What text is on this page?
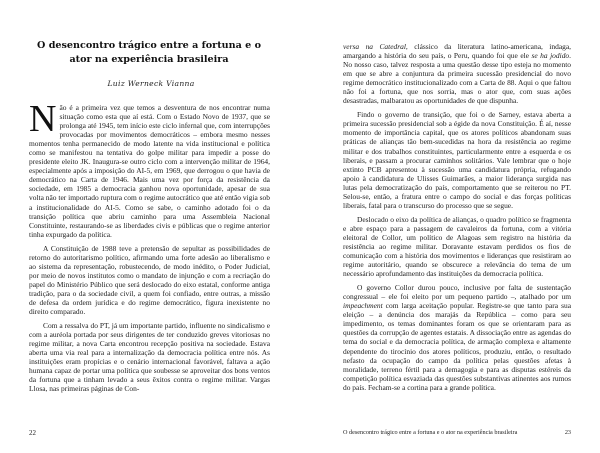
O desencontro trágico entre a fortuna e o ator na experiência brasileira
Luiz Werneck Vianna

Não é a primeira vez que temos a desventura de nos encontrar numa situação como esta que aí está. Com o Estado Novo de 1937, que se prolonga até 1945, tem início este ciclo infernal que, com interrupções provocadas por movimentos democráticos – embora mesmo nesses momentos tenha permanecido de modo latente na vida institucional e política como se manifestou na tentativa do golpe militar para impedir a posse do presidente eleito JK. Inaugura-se outro ciclo com a intervenção militar de 1964, especialmente após a imposição do AI-5, em 1969, que derrogou o que havia de democrático na Carta de 1946. Mais uma vez por força da resistência da sociedade, em 1985 a democracia ganhou nova oportunidade, apesar de sua volta não ter importado ruptura com o regime autocrático que até então vigia sob a institucionalidade do AI-5. Como se sabe, o caminho adotado foi o da transição política que abriu caminho para uma Assembleia Nacional Constituinte, restaurando-se as liberdades civis e públicas que o regime anterior tinha expurgado da política.

A Constituição de 1988 teve a pretensão de sepultar as possibilidades de retorno do autoritarismo político, afirmando uma forte adesão ao liberalismo e ao sistema da representação, robustecendo, de modo inédito, o Poder Judicial, por meio de novos institutos como o mandato de injunção e com a recriação do papel do Ministério Público que será deslocado do eixo estatal, conforme antiga tradição, para o da sociedade civil, a quem foi confiado, entre outras, a missão de defesa da ordem jurídica e do regime democrático, figura inexistente no direito comparado.

Com a ressalva do PT, já um importante partido, influente no sindicalismo e com a auréola portada por seus dirigentes de ter conduzido greves vitoriosas no regime militar, a nova Carta encontrou recepção positiva na sociedade. Estava aberta uma via real para a internalização da democracia política entre nós. As instituições eram propícias e o cenário internacional favorável, faltava a ação humana capaz de portar uma política que soubesse se aproveitar dos bons ventos da fortuna que a tinham levado a seus êxitos contra o regime militar. Vargas Llosa, nas primeiras páginas de Con-

22

versa na Catedral, clássico da literatura latino-americana, indaga, amargando a história do seu país, o Peru, quando foi que ele se ha jodido. No nosso caso, talvez resposta a uma questão desse tipo esteja no momento em que se abre a conjuntura da primeira sucessão presidencial do novo regime democrático institucionalizado com a Carta de 88. Aqui o que faltou não foi a fortuna, que nos sorria, mas o ator que, com suas ações desastradas, malbaratou as oportunidades de que dispunha.

Findo o governo de transição, que foi o de Sarney, estava aberta a primeira sucessão presidencial sob a égide da nova Constituição. É aí, nesse momento de importância capital, que os atores políticos abandonam suas práticas de alianças tão bem-sucedidas na hora da resistência ao regime militar e dos trabalhos constituintes, particularmente entre a esquerda e os liberais, e passam a procurar caminhos solitários. Vale lembrar que o hoje extinto PCB apresentou à sucessão uma candidatura própria, refugando apoio à candidatura de Ulisses Guimarães, a maior liderança surgida nas lutas pela democratização do país, comportamento que se reiterou no PT. Selou-se, então, a fratura entre o campo do social e das forças políticas liberais, fatal para o transcurso do processo que se segue.

Deslocado o eixo da política de alianças, o quadro político se fragmenta e abre espaço para a passagem de cavaleiros da fortuna, com a vitória eleitoral de Collor, um político de Alagoas sem registro na história da resistência ao regime militar. Doravante estavam perdidos os fios de comunicação com a história dos movimentos e lideranças que resistiram ao regime autoritário, quando se obscurece a relevância do tema de um necessário aprofundamento das instituições da democracia política.

O governo Collor durou pouco, inclusive por falta de sustentação congressual – ele foi eleito por um pequeno partido –, atalhado por um impeachment com larga aceitação popular. Registre-se que tanto para sua eleição – a denúncia dos marajás da República – como para seu impedimento, os temas dominantes foram os que se orientaram para as questões da corrupção de agentes estatais. A dissociação entre as agendas do tema do social e da democracia política, de armação complexa e altamente dependente do tirocínio dos atores políticos, produziu, então, o resultado nefasto da ocupação do campo da política pelas questões afetas à moralidade, terreno fértil para a demagogia e para as disputas estéreis da competição política esvaziada das questões substantivas atinentes aos rumos do país. Fecham-se a cortina para a grande política.

O desencontro trágico entre a fortuna e o ator na experiência brasileira	23
